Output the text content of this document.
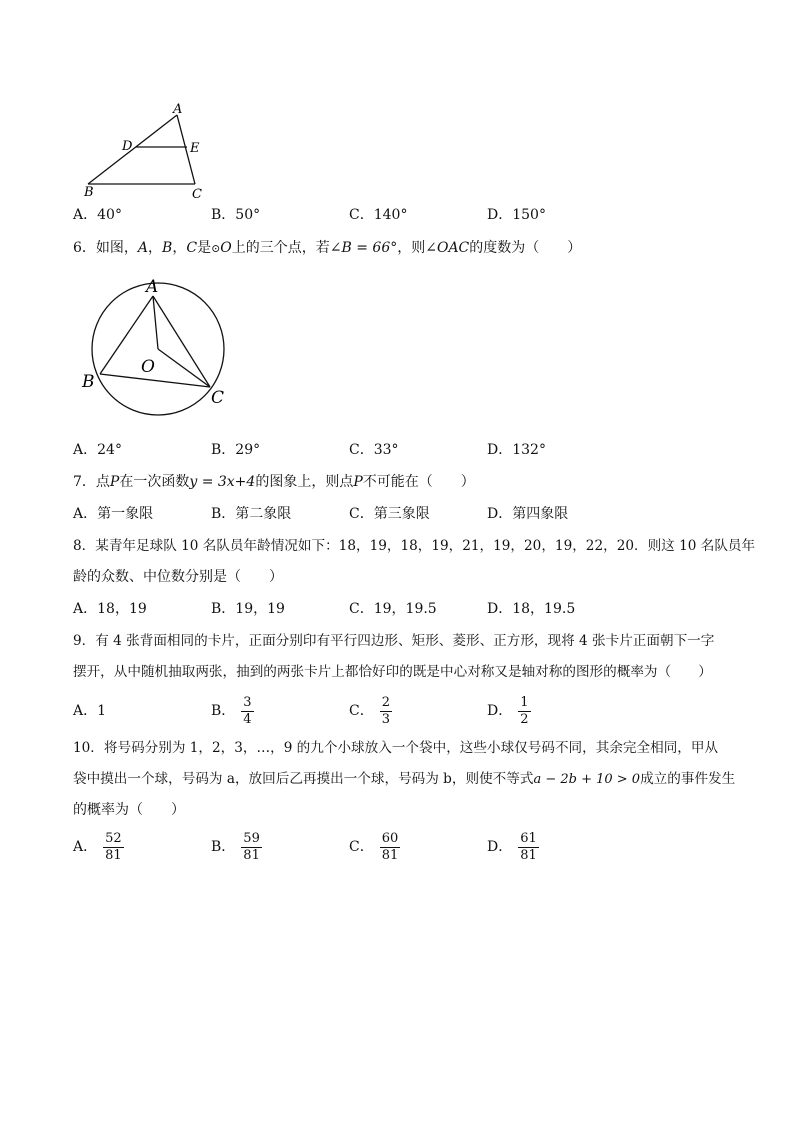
A
D	E
B	C
A．40°	B．50°	C．140°	D．150°
6．如图，A，B，C是⊙O上的三个点，若∠B = 66°，则∠OAC的度数为（　　）
A
O
B
C
A．24°	B．29°	C．33°	D．132°
7．点P在一次函数y = 3x+4的图象上，则点P不可能在（　　）
A．第一象限	B．第二象限	C．第三象限	D．第四象限
8．某青年足球队 10 名队员年龄情况如下：18，19，18，19，21，19，20，19，22，20．则这 10 名队员年
龄的众数、中位数分别是（　　）
A．18，19	B．19，19	C．19，19.5	D．18，19.5
9．有 4 张背面相同的卡片，正面分别印有平行四边形、矩形、菱形、正方形，现将 4 张卡片正面朝下一字
摆开，从中随机抽取两张，抽到的两张卡片上都恰好印的既是中心对称又是轴对称的图形的概率为（　　）
A． 1	B． $\frac{3}{4}$	C． $\frac{2}{3}$	D． $\frac{1}{2}$
10．将号码分别为 1，2，3，…，9 的九个小球放入一个袋中，这些小球仅号码不同，其余完全相同，甲从
袋中摸出一个球，号码为 a，放回后乙再摸出一个球，号码为 b，则使不等式a − 2b + 10 > 0成立的事件发生
的概率为（　　）
A． $\frac{52}{81}$	B． $\frac{59}{81}$	C． $\frac{60}{81}$	D． $\frac{61}{81}$
